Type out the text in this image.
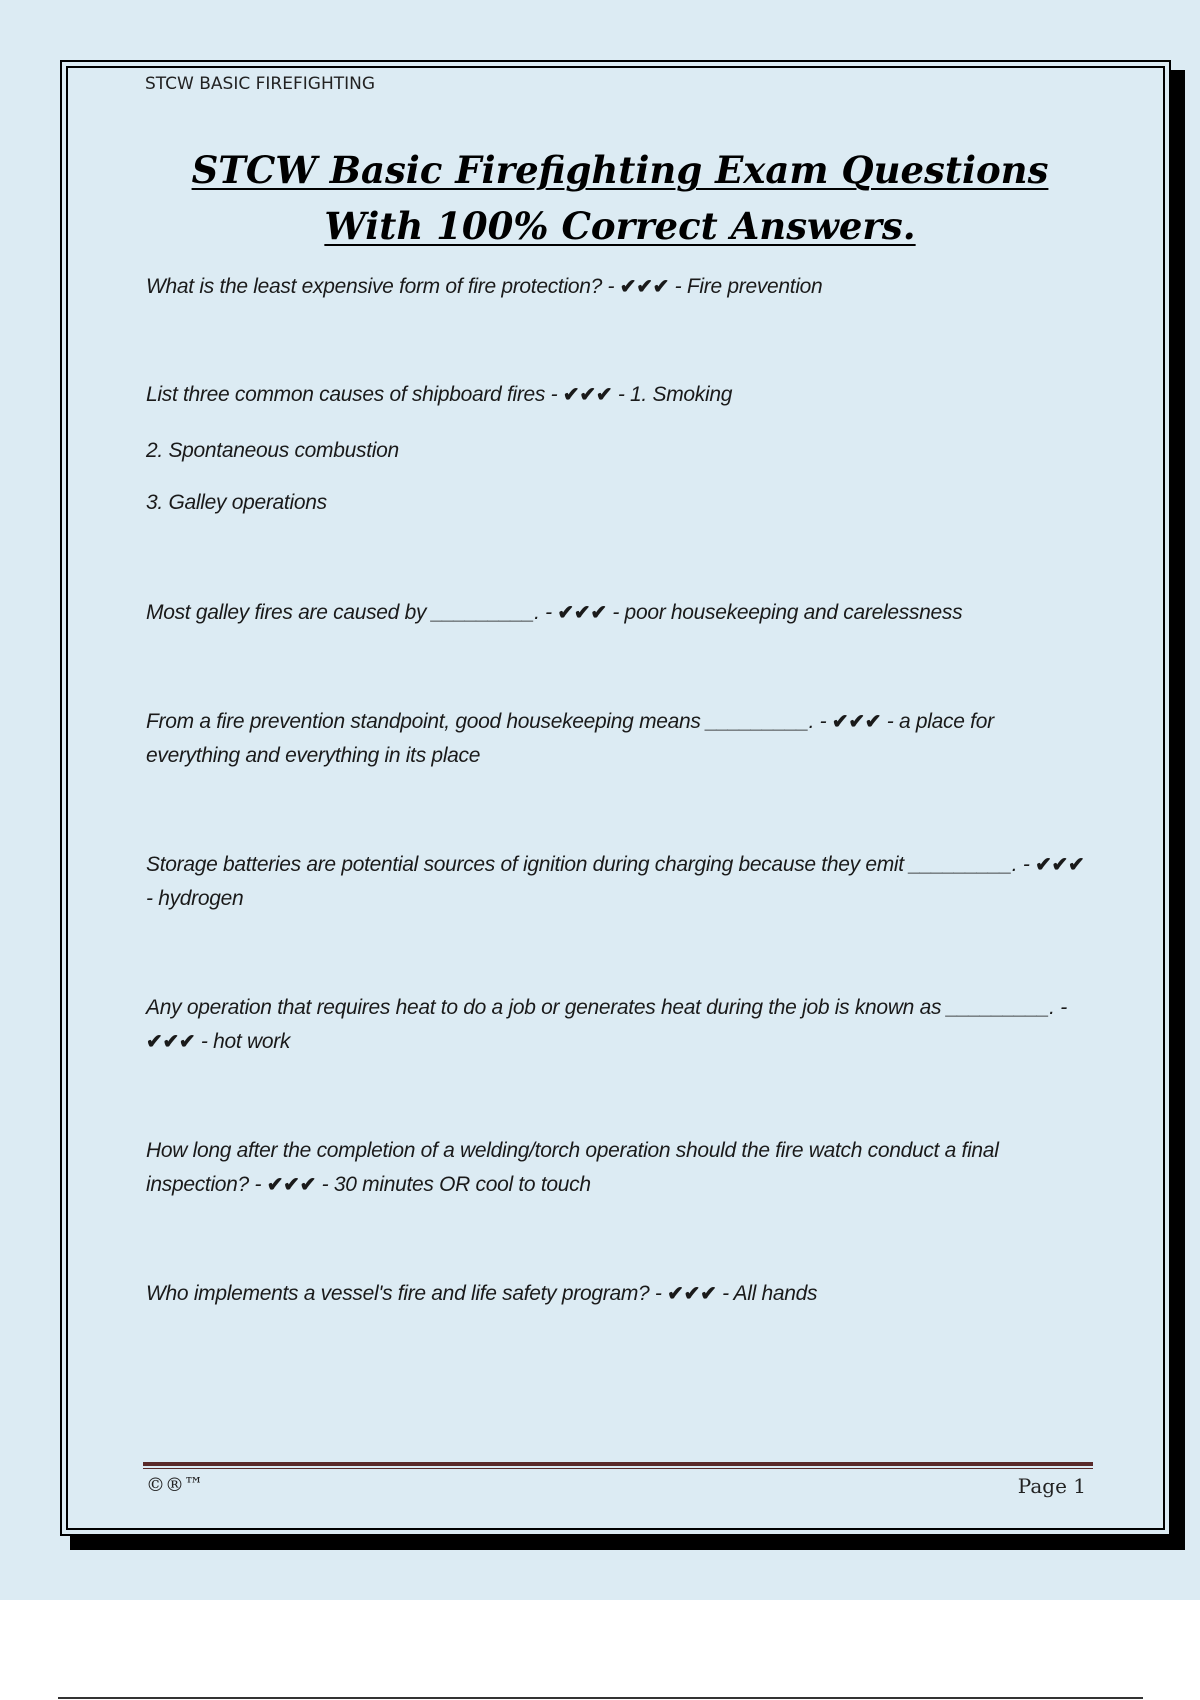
STCW BASIC FIREFIGHTING
STCW Basic Firefighting Exam Questions
With 100% Correct Answers.
What is the least expensive form of fire protection? - ✔✔✔ - Fire prevention
List three common causes of shipboard fires - ✔✔✔ - 1. Smoking
2. Spontaneous combustion
3. Galley operations
Most galley fires are caused by _________. - ✔✔✔ - poor housekeeping and carelessness
From a fire prevention standpoint, good housekeeping means _________. - ✔✔✔ - a place for everything and everything in its place
Storage batteries are potential sources of ignition during charging because they emit _________. - ✔✔✔ - hydrogen
Any operation that requires heat to do a job or generates heat during the job is known as _________. - ✔✔✔ - hot work
How long after the completion of a welding/torch operation should the fire watch conduct a final inspection? - ✔✔✔ - 30 minutes OR cool to touch
Who implements a vessel's fire and life safety program? - ✔✔✔ - All hands
©®™	Page 1
